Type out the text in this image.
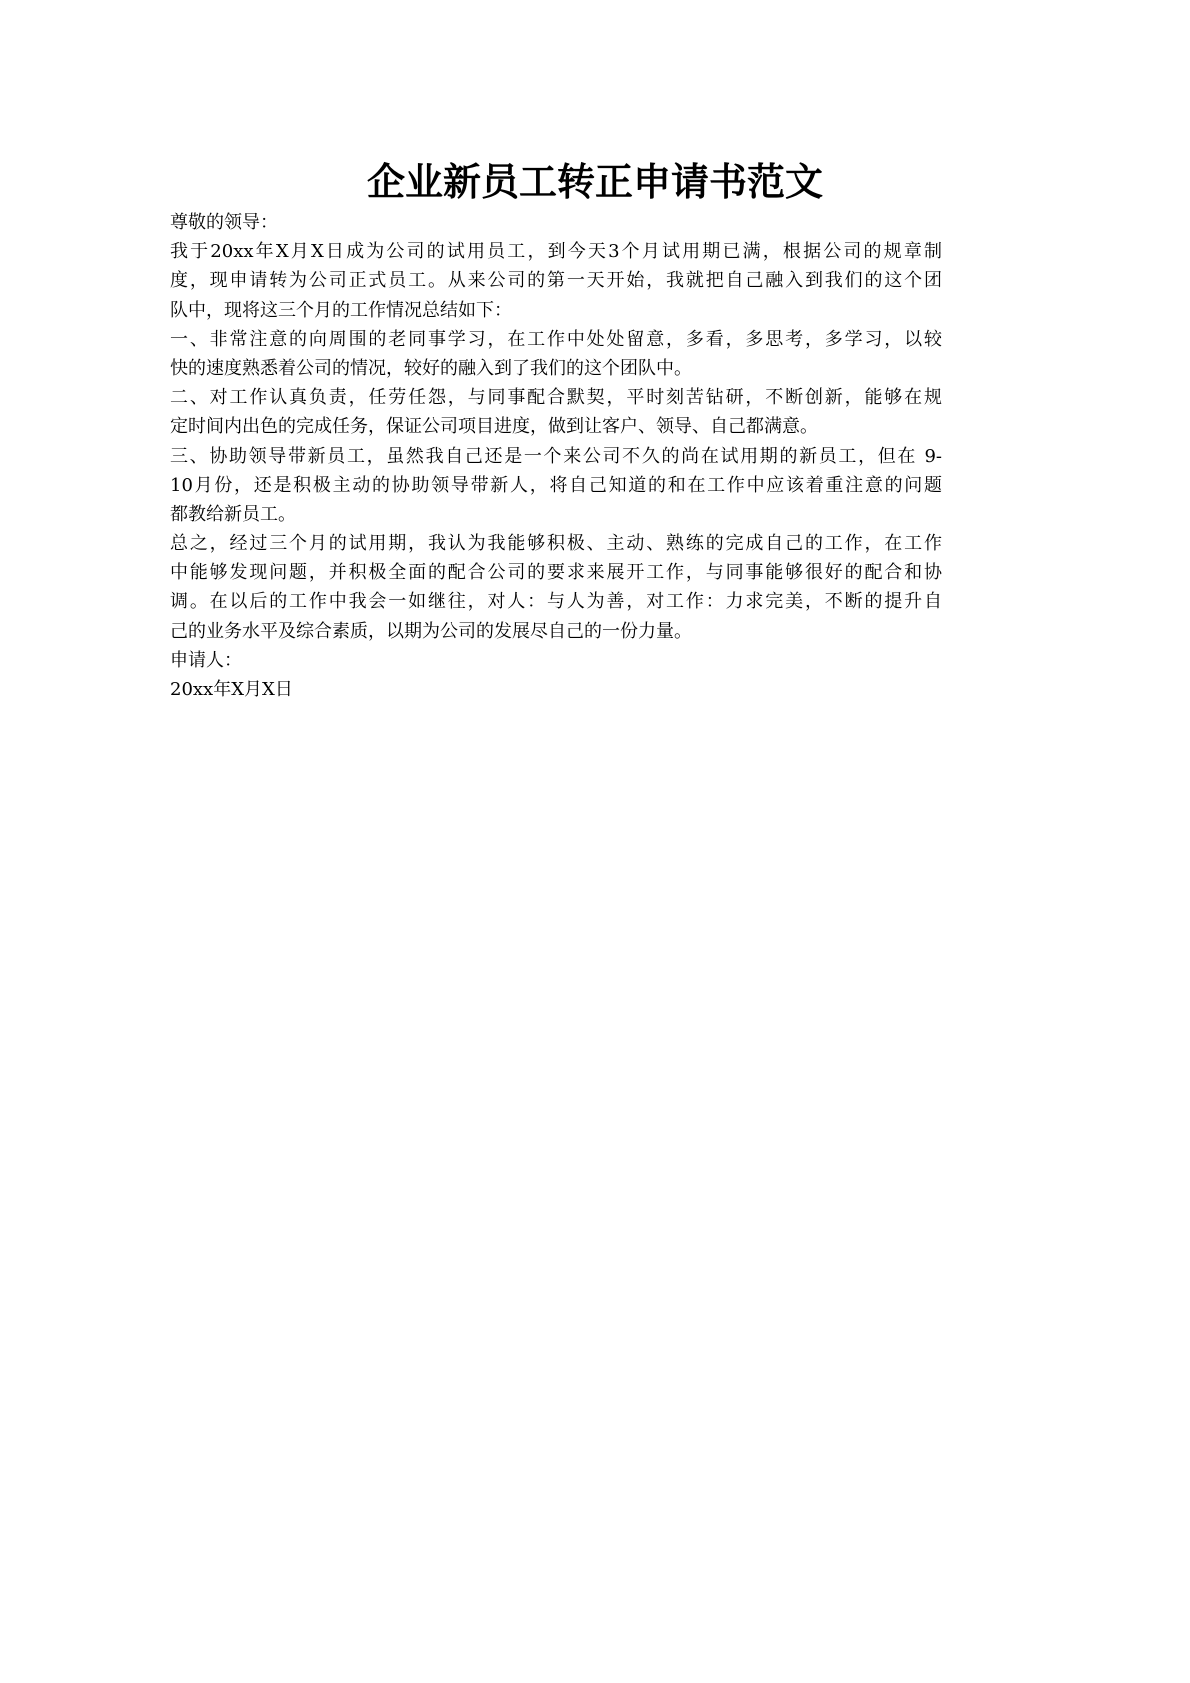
企业新员工转正申请书范文
尊敬的领导：
我于20xx年X月X日成为公司的试用员工，到今天3个月试用期已满，根据公司的规章制
度，现申请转为公司正式员工。从来公司的第一天开始，我就把自己融入到我们的这个团
队中，现将这三个月的工作情况总结如下：
一、非常注意的向周围的老同事学习，在工作中处处留意，多看，多思考，多学习，以较
快的速度熟悉着公司的情况，较好的融入到了我们的这个团队中。
二、对工作认真负责，任劳任怨，与同事配合默契，平时刻苦钻研，不断创新，能够在规
定时间内出色的完成任务，保证公司项目进度，做到让客户、领导、自己都满意。
三、协助领导带新员工，虽然我自己还是一个来公司不久的尚在试用期的新员工，但在 9-
10月份，还是积极主动的协助领导带新人，将自己知道的和在工作中应该着重注意的问题
都教给新员工。
总之，经过三个月的试用期，我认为我能够积极、主动、熟练的完成自己的工作，在工作
中能够发现问题，并积极全面的配合公司的要求来展开工作，与同事能够很好的配合和协
调。在以后的工作中我会一如继往，对人：与人为善，对工作：力求完美，不断的提升自
己的业务水平及综合素质，以期为公司的发展尽自己的一份力量。
申请人：
20xx年X月X日
